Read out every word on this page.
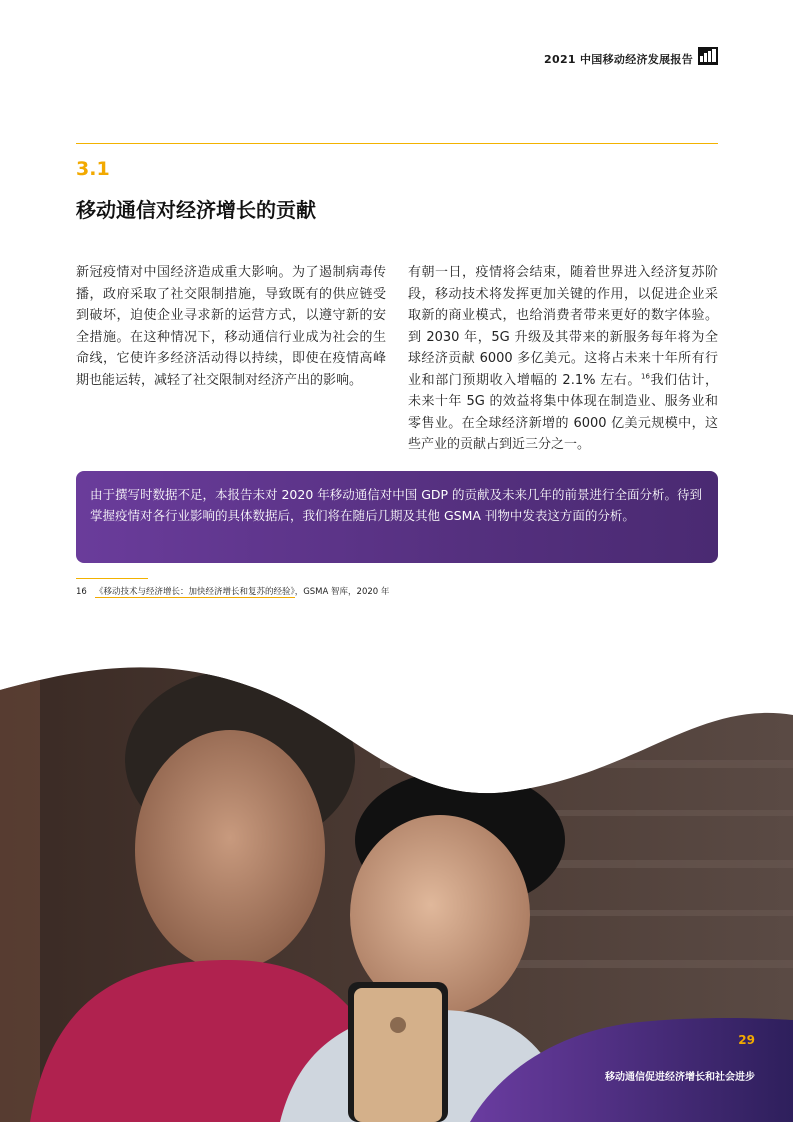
2021 中国移动经济发展报告
3.1
移动通信对经济增长的贡献
新冠疫情对中国经济造成重大影响。为了遏制病毒传播，政府采取了社交限制措施，导致既有的供应链受到破坏，迫使企业寻求新的运营方式，以遵守新的安全措施。在这种情况下，移动通信行业成为社会的生命线，它使许多经济活动得以持续，即使在疫情高峰期也能运转，减轻了社交限制对经济产出的影响。
有朝一日，疫情将会结束，随着世界进入经济复苏阶段，移动技术将发挥更加关键的作用，以促进企业采取新的商业模式，也给消费者带来更好的数字体验。到 2030 年，5G 升级及其带来的新服务每年将为全球经济贡献 6000 多亿美元。这将占未来十年所有行业和部门预期收入增幅的 2.1% 左右。$^{16}$我们估计，未来十年 5G 的效益将集中体现在制造业、服务业和零售业。在全球经济新增的 6000 亿美元规模中，这些产业的贡献占到近三分之一。
由于撰写时数据不足，本报告未对 2020 年移动通信对中国 GDP 的贡献及未来几年的前景进行全面分析。待到掌握疫情对各行业影响的具体数据后，我们将在随后几期及其他 GSMA 刊物中发表这方面的分析。
16 《移动技术与经济增长：加快经济增长和复苏的经验》，GSMA 智库，2020 年
29
移动通信促进经济增长和社会进步
